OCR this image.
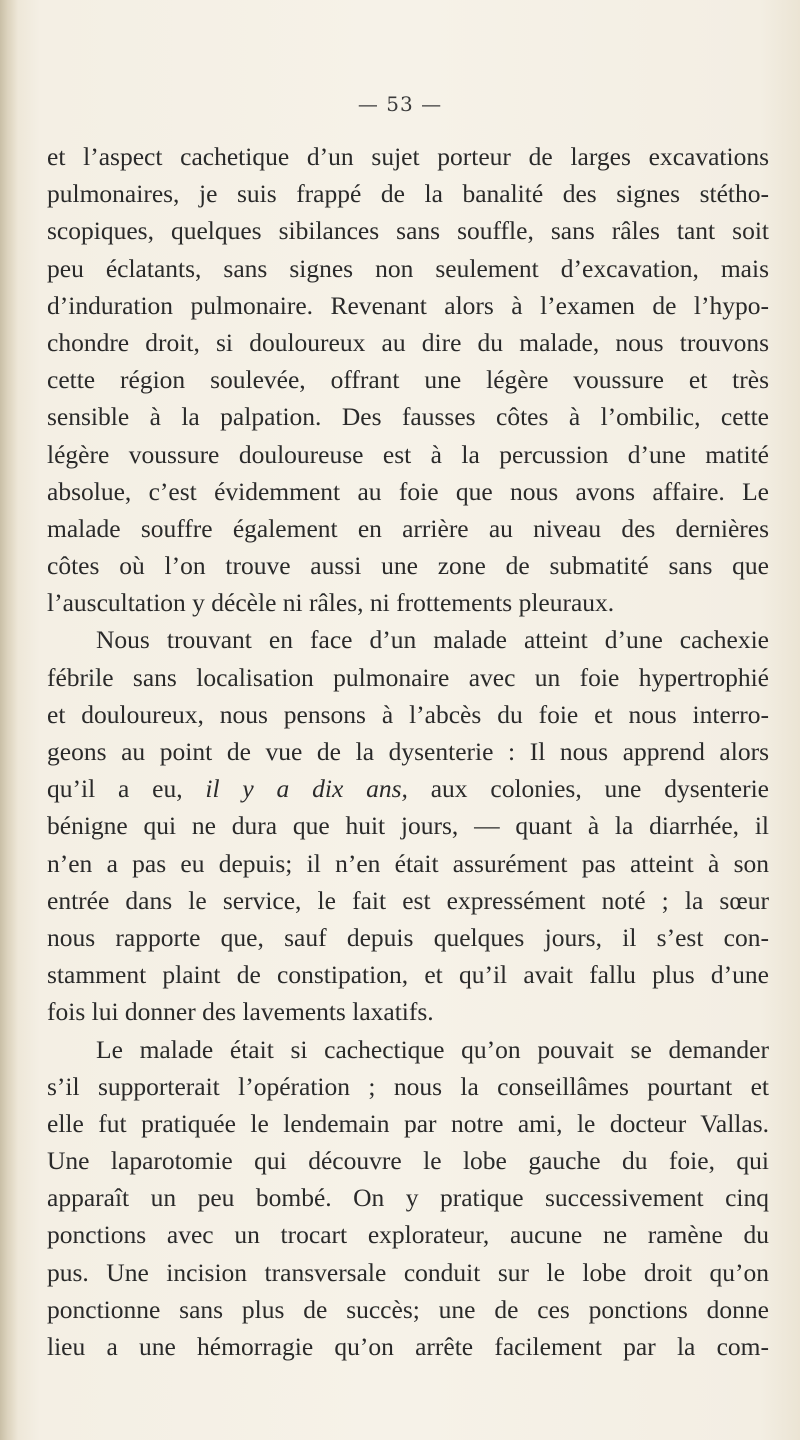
— 53 —
et l’aspect cachetique d’un sujet porteur de larges excavations
pulmonaires, je suis frappé de la banalité des signes stétho-
scopiques, quelques sibilances sans souffle, sans râles tant soit
peu éclatants, sans signes non seulement d’excavation, mais
d’induration pulmonaire. Revenant alors à l’examen de l’hypo-
chondre droit, si douloureux au dire du malade, nous trouvons
cette région soulevée, offrant une légère voussure et très
sensible à la palpation. Des fausses côtes à l’ombilic, cette
légère voussure douloureuse est à la percussion d’une matité
absolue, c’est évidemment au foie que nous avons affaire. Le
malade souffre également en arrière au niveau des dernières
côtes où l’on trouve aussi une zone de submatité sans que
l’auscultation y décèle ni râles, ni frottements pleuraux.
Nous trouvant en face d’un malade atteint d’une cachexie
fébrile sans localisation pulmonaire avec un foie hypertrophié
et douloureux, nous pensons à l’abcès du foie et nous interro-
geons au point de vue de la dysenterie : Il nous apprend alors
qu’il a eu, il y a dix ans, aux colonies, une dysenterie
bénigne qui ne dura que huit jours, — quant à la diarrhée, il
n’en a pas eu depuis; il n’en était assurément pas atteint à son
entrée dans le service, le fait est expressément noté ; la sœur
nous rapporte que, sauf depuis quelques jours, il s’est con-
stamment plaint de constipation, et qu’il avait fallu plus d’une
fois lui donner des lavements laxatifs.
Le malade était si cachectique qu’on pouvait se demander
s’il supporterait l’opération ; nous la conseillâmes pourtant et
elle fut pratiquée le lendemain par notre ami, le docteur Vallas.
Une laparotomie qui découvre le lobe gauche du foie, qui
apparaît un peu bombé. On y pratique successivement cinq
ponctions avec un trocart explorateur, aucune ne ramène du
pus. Une incision transversale conduit sur le lobe droit qu’on
ponctionne sans plus de succès; une de ces ponctions donne
lieu a une hémorragie qu’on arrête facilement par la com-
